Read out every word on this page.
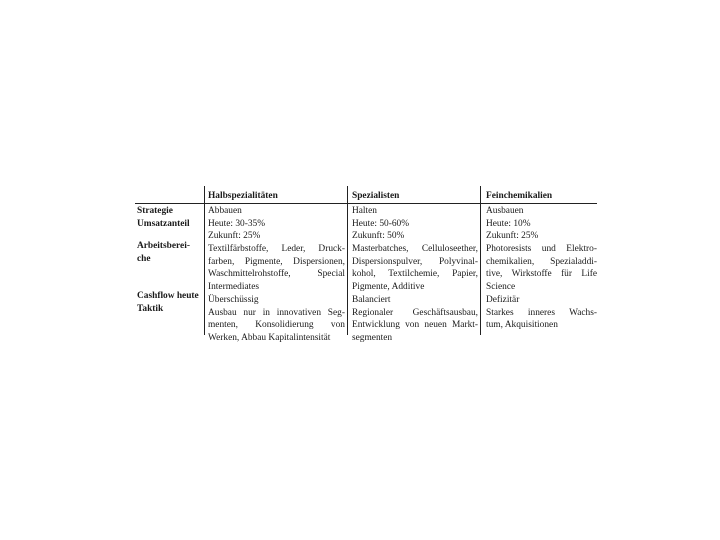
Halbspezialitäten	Spezialisten	Feinchemikalien
Strategie
Umsatzanteil
Arbeitsberei-
che
Cashflow heute
Taktik
Abbauen
Heute: 30-35%
Zukunft: 25%
Textilfärbstoffe, Leder, Druck-
farben, Pigmente, Dispersionen,
Waschmittelrohstoffe, Special
Intermediates
Überschüssig
Ausbau nur in innovativen Seg-
menten, Konsolidierung von
Werken, Abbau Kapitalintensität
Halten
Heute: 50-60%
Zukunft: 50%
Masterbatches, Celluloseether,
Dispersionspulver, Polyvinal-
kohol, Textilchemie, Papier,
Pigmente, Additive
Balanciert
Regionaler Geschäftsausbau,
Entwicklung von neuen Markt-
segmenten
Ausbauen
Heute: 10%
Zukunft: 25%
Photoresists und Elektro-
chemikalien, Spezialaddi-
tive, Wirkstoffe für Life
Science
Defizitär
Starkes inneres Wachs-
tum, Akquisitionen
